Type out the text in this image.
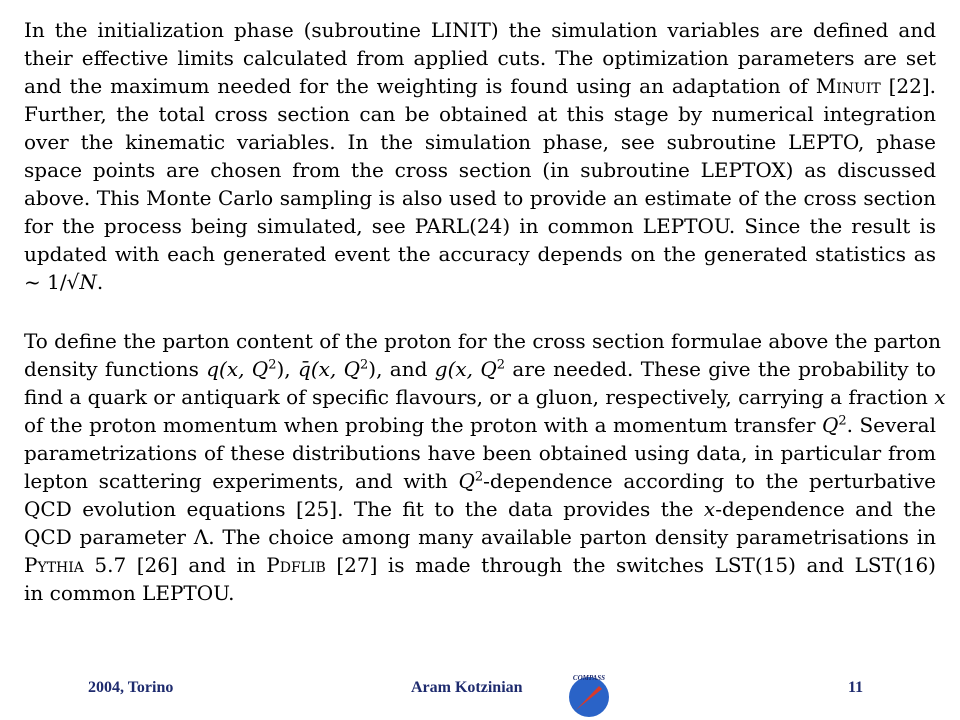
In the initialization phase (subroutine LINIT) the simulation variables are defined and
their effective limits calculated from applied cuts. The optimization parameters are set
and the maximum needed for the weighting is found using an adaptation of Minuit [22].
Further, the total cross section can be obtained at this stage by numerical integration
over the kinematic variables. In the simulation phase, see subroutine LEPTO, phase
space points are chosen from the cross section (in subroutine LEPTOX) as discussed
above. This Monte Carlo sampling is also used to provide an estimate of the cross section
for the process being simulated, see PARL(24) in common LEPTOU. Since the result is
updated with each generated event the accuracy depends on the generated statistics as
~ 1/√N.

To define the parton content of the proton for the cross section formulae above the parton
density functions q(x, $Q^2$), q̄(x, $Q^2$), and g(x, $Q^2$ are needed. These give the probability to
find a quark or antiquark of specific flavours, or a gluon, respectively, carrying a fraction x
of the proton momentum when probing the proton with a momentum transfer $Q^2$. Several
parametrizations of these distributions have been obtained using data, in particular from
lepton scattering experiments, and with $Q^2$-dependence according to the perturbative
QCD evolution equations [25]. The fit to the data provides the x-dependence and the
QCD parameter Λ. The choice among many available parton density parametrisations in
Pythia 5.7 [26] and in Pdflib [27] is made through the switches LST(15) and LST(16)
in common LEPTOU.

2004, Torino	Aram Kotzinian	11
COMPASS
